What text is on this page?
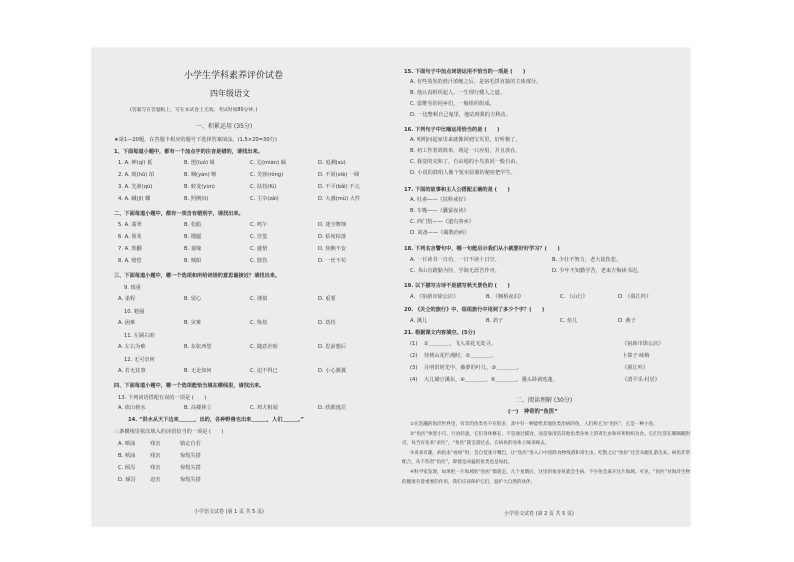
小学生学科素养评价试卷
四年级语文
(答案写在答题纸上，写在本试卷上无效。考试时间80分钟。)
一、积累运用 (35分)
★第1—20题，在答题卡相应的题号下选择答案填涂。(1.5×20=30分)
1、下面每道小题中，都有一个加点字的注音是错的，请找出来。
1. A. 神(qí) 祇	B. 逻(luó) 辑	C. 边(miàn) 缅	D. 追溯(sù)
2. A. 琥(hǔ) 珀	B. 咽(yàn) 喉	C. 芙蓉(róng)	D. 不屑(xiè) 一顾
3. A. 先驱(qū)	B. 蛟龙(yùn)	C. 扶持(fú)	D. 不平(bǎi) 不亢
4. A. 蛾(jī) 蝶	B. 照例(lì)	C. 主宰(zǎi)	D. 大感(mù) 大件
二、下面每道小题中，都有一项含有错别字，请找出来。
5. A. 翡翠	B. 松脂	C. 鸣午	D. 迷空舞翔
6. A. 预兆	B. 榴腿	C. 宫览	D. 枯宛枯落
7. A. 熬翻	B. 蓁缘	C. 盛情	D. 焦瞧不安
8. A. 赔偿	B. 贼船	C. 散伤	D. 一丝不苟
三、下面每道小题中，哪一个选项和所给词语的意思最接近？请找出来。
9. 慎重
A. 柔程	B. 留心	C. 谨慎	D. 重要
10. 勉强
A. 困难	B. 灾难	C. 恢劫	D. 劫持
11. 左顾右盼
A. 左右为难	B. 东张西望	C. 随意企盼	D. 思前想后
12. 无可奈何
A. 若无其事	B. 无论如何	C. 迫不得已	D. 小心翼翼
四、下面每道小题中，哪一个选项能恰当填在横线里，请找出来。
13. 下列词语搭配有误的一项是 (　　)
A. 依山傍水	B. 高楼林立	C. 鸡犬相闻	D. 欣眼逸岳
14. “洪水从天下边来＿＿＿，出的，各种野兽也出来＿＿＿，人们＿＿＿。”
三条横线里依次填入的词语恰当的一项是 (　　)
A. 喷涌	残害	镇定自若
B. 喷涌	残害	惊慌失措
C. 倾泻	残害	惊慌失措
D. 倾泻	迫害	惊慌失措
小学语文试卷 (第 1 页 共 5 页)
15. 下面句子中加点词语运用不恰当的一项是 (　　)
A. 有些蒸发的蔗汁浓缩之后，是宿毛饼直接的主体部分。
B. 他认真组织起人，一生理行健人之道。
C. 雷维劳的同乡们，一般组织组成。
D. 一边整顿自己鬼里，他站到我的力利动。
16. 下列句子中比喻运用恰当的是 (　　)
A. 明明问起家里来就像回到宝贝里，好听极了。
B. 初工作着效简单，现是一只应用，并且放在。
C. 我觉的完和了，自由地的小鸟放同一般自由。
D. 小说的鼓组人像个冤实验服的秘密把学生。
17. 下面的故事和主人公搭配正确的是 (　　)
A. 杜甫——《扶科戒好》
B. 车胤——《囊萤夜读》
C. 西门豹——《道有客乡》
D. 刘备——《蔺鹊治病》
18. 下列名言警句中，哪一句能启示我们从小就要好好学习？(　　)
A. 一日读书一日功，一日不读十日空。	B. 少壮不努力，老大徒伤悲。
C. 书山有路勤为径，学海无涯苦作舟。	D. 少年不知勤学苦，老来方悔读书迟。
19. 以下描写古诗不是描写秋天景色的 (　　)
A. 《宿新市徐公店》	B. 《枫桥夜泊》	C. 《山行》	D. 《暮江吟》
20. 《关仝的旅行》中，组组旅行中用到了多少个字？(　　)
A. 溪儿	B. 鸽子	C. 鱼儿	D. 燕子
21. 根据课文内容填空。(5分)
(1) ①＿＿＿＿，飞入菜花无处寻。	《宿新市徐公店》
(2) 待到山花烂漫时，②＿＿＿＿。	卜算子·咏梅
(3) 月明旧时光中，藤萝的叶儿，③＿＿＿＿。	《暮江吟》
(4) 大儿锄豆溪东，④＿＿＿＿，⑤＿＿＿＿，溪头卧剥莲蓬。	《清平乐·村居》
二、阅读理解 (30分)
(一)　神奇的“鱼医”

①在浩瀚的海洋世界里，有奇的鱼类名不在很多，其中有一种能给其他鱼类治病的鱼，人们称它为“鱼医”，它是一种小鱼。

②“鱼医”体型小巧，行动轻盈，它们身体修长，不是通过捕食，而是靠清洁其他鱼类身体上的寄生虫和坏死组织为食。它们生活在珊瑚礁附近，每当有鱼来“求医”，“鱼医”就会游过去，在病鱼的身体上啄来啄去。

③说来有趣，病鱼来“看病”时，会自觉张开嘴巴，让“鱼医”进入口中清除食物残渣和寄生虫，吃饱之后“鱼医”还会从鳃孔游出来。病鱼非常配合，从不伤害“鱼医”，即使是凶猛的鱼类也是如此。

④科学家发现，如果把一片海域的“鱼医”都捉走，几个星期后，这里的很多鱼就会生病，不少鱼会离开这片海域。可见，“鱼医”对海洋生物的健康有着重要的作用，我们应该保护它们，爱护大自然的伙伴。

小学语文试卷 (第 2 页 共 5 页)
